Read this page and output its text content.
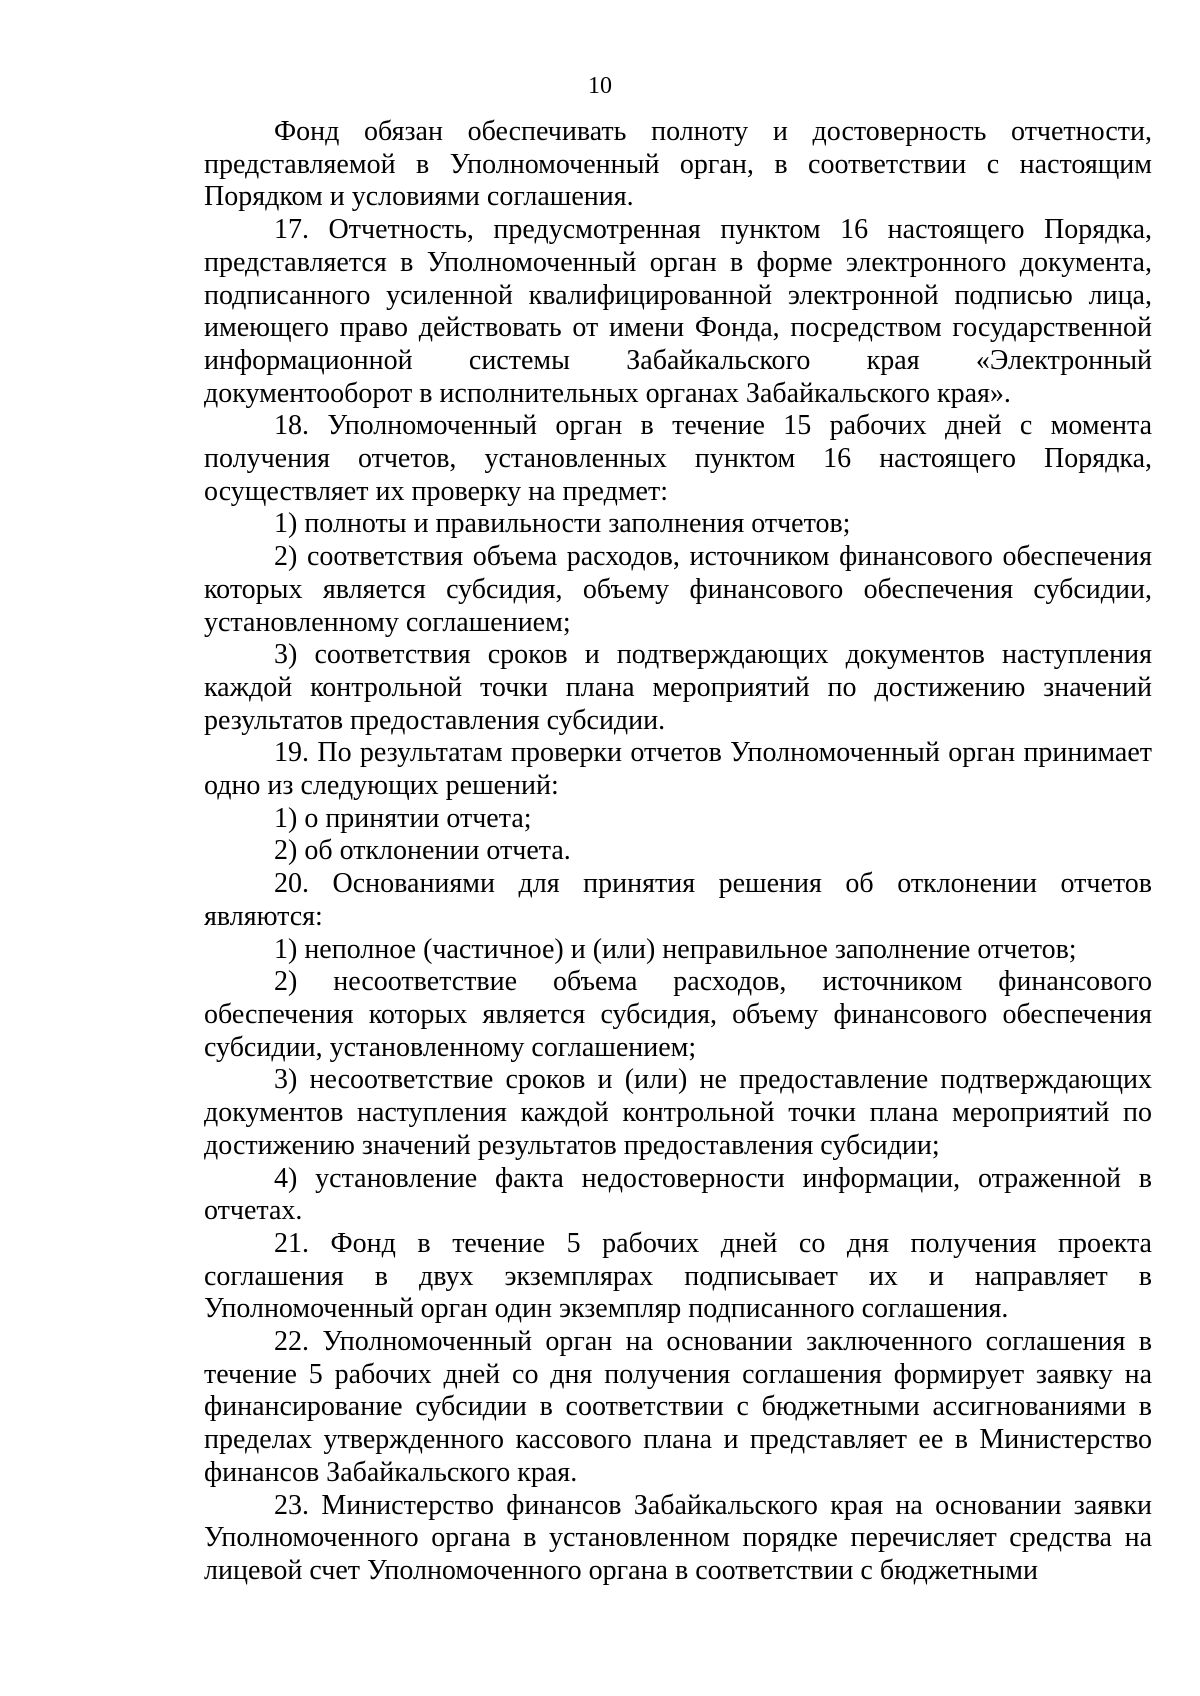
10

Фонд обязан обеспечивать полноту и достоверность отчетности, представляемой в Уполномоченный орган, в соответствии с настоящим Порядком и условиями соглашения.

17. Отчетность, предусмотренная пунктом 16 настоящего Порядка, представляется в Уполномоченный орган в форме электронного документа, подписанного усиленной квалифицированной электронной подписью лица, имеющего право действовать от имени Фонда, посредством государственной информационной системы Забайкальского края «Электронный документооборот в исполнительных органах Забайкальского края».

18. Уполномоченный орган в течение 15 рабочих дней с момента получения отчетов, установленных пунктом 16 настоящего Порядка, осуществляет их проверку на предмет:

1) полноты и правильности заполнения отчетов;

2) соответствия объема расходов, источником финансового обеспечения которых является субсидия, объему финансового обеспечения субсидии, установленному соглашением;

3) соответствия сроков и подтверждающих документов наступления каждой контрольной точки плана мероприятий по достижению значений результатов предоставления субсидии.

19. По результатам проверки отчетов Уполномоченный орган принимает одно из следующих решений:

1) о принятии отчета;

2) об отклонении отчета.

20. Основаниями для принятия решения об отклонении отчетов являются:

1) неполное (частичное) и (или) неправильное заполнение отчетов;

2) несоответствие объема расходов, источником финансового обеспечения которых является субсидия, объему финансового обеспечения субсидии, установленному соглашением;

3) несоответствие сроков и (или) не предоставление подтверждающих документов наступления каждой контрольной точки плана мероприятий по достижению значений результатов предоставления субсидии;

4) установление факта недостоверности информации, отраженной в отчетах.

21. Фонд в течение 5 рабочих дней со дня получения проекта соглашения в двух экземплярах подписывает их и направляет в Уполномоченный орган один экземпляр подписанного соглашения.

22. Уполномоченный орган на основании заключенного соглашения в течение 5 рабочих дней со дня получения соглашения формирует заявку на финансирование субсидии в соответствии с бюджетными ассигнованиями в пределах утвержденного кассового плана и представляет ее в Министерство финансов Забайкальского края.

23. Министерство финансов Забайкальского края на основании заявки Уполномоченного органа в установленном порядке перечисляет средства на лицевой счет Уполномоченного органа в соответствии с бюджетными
